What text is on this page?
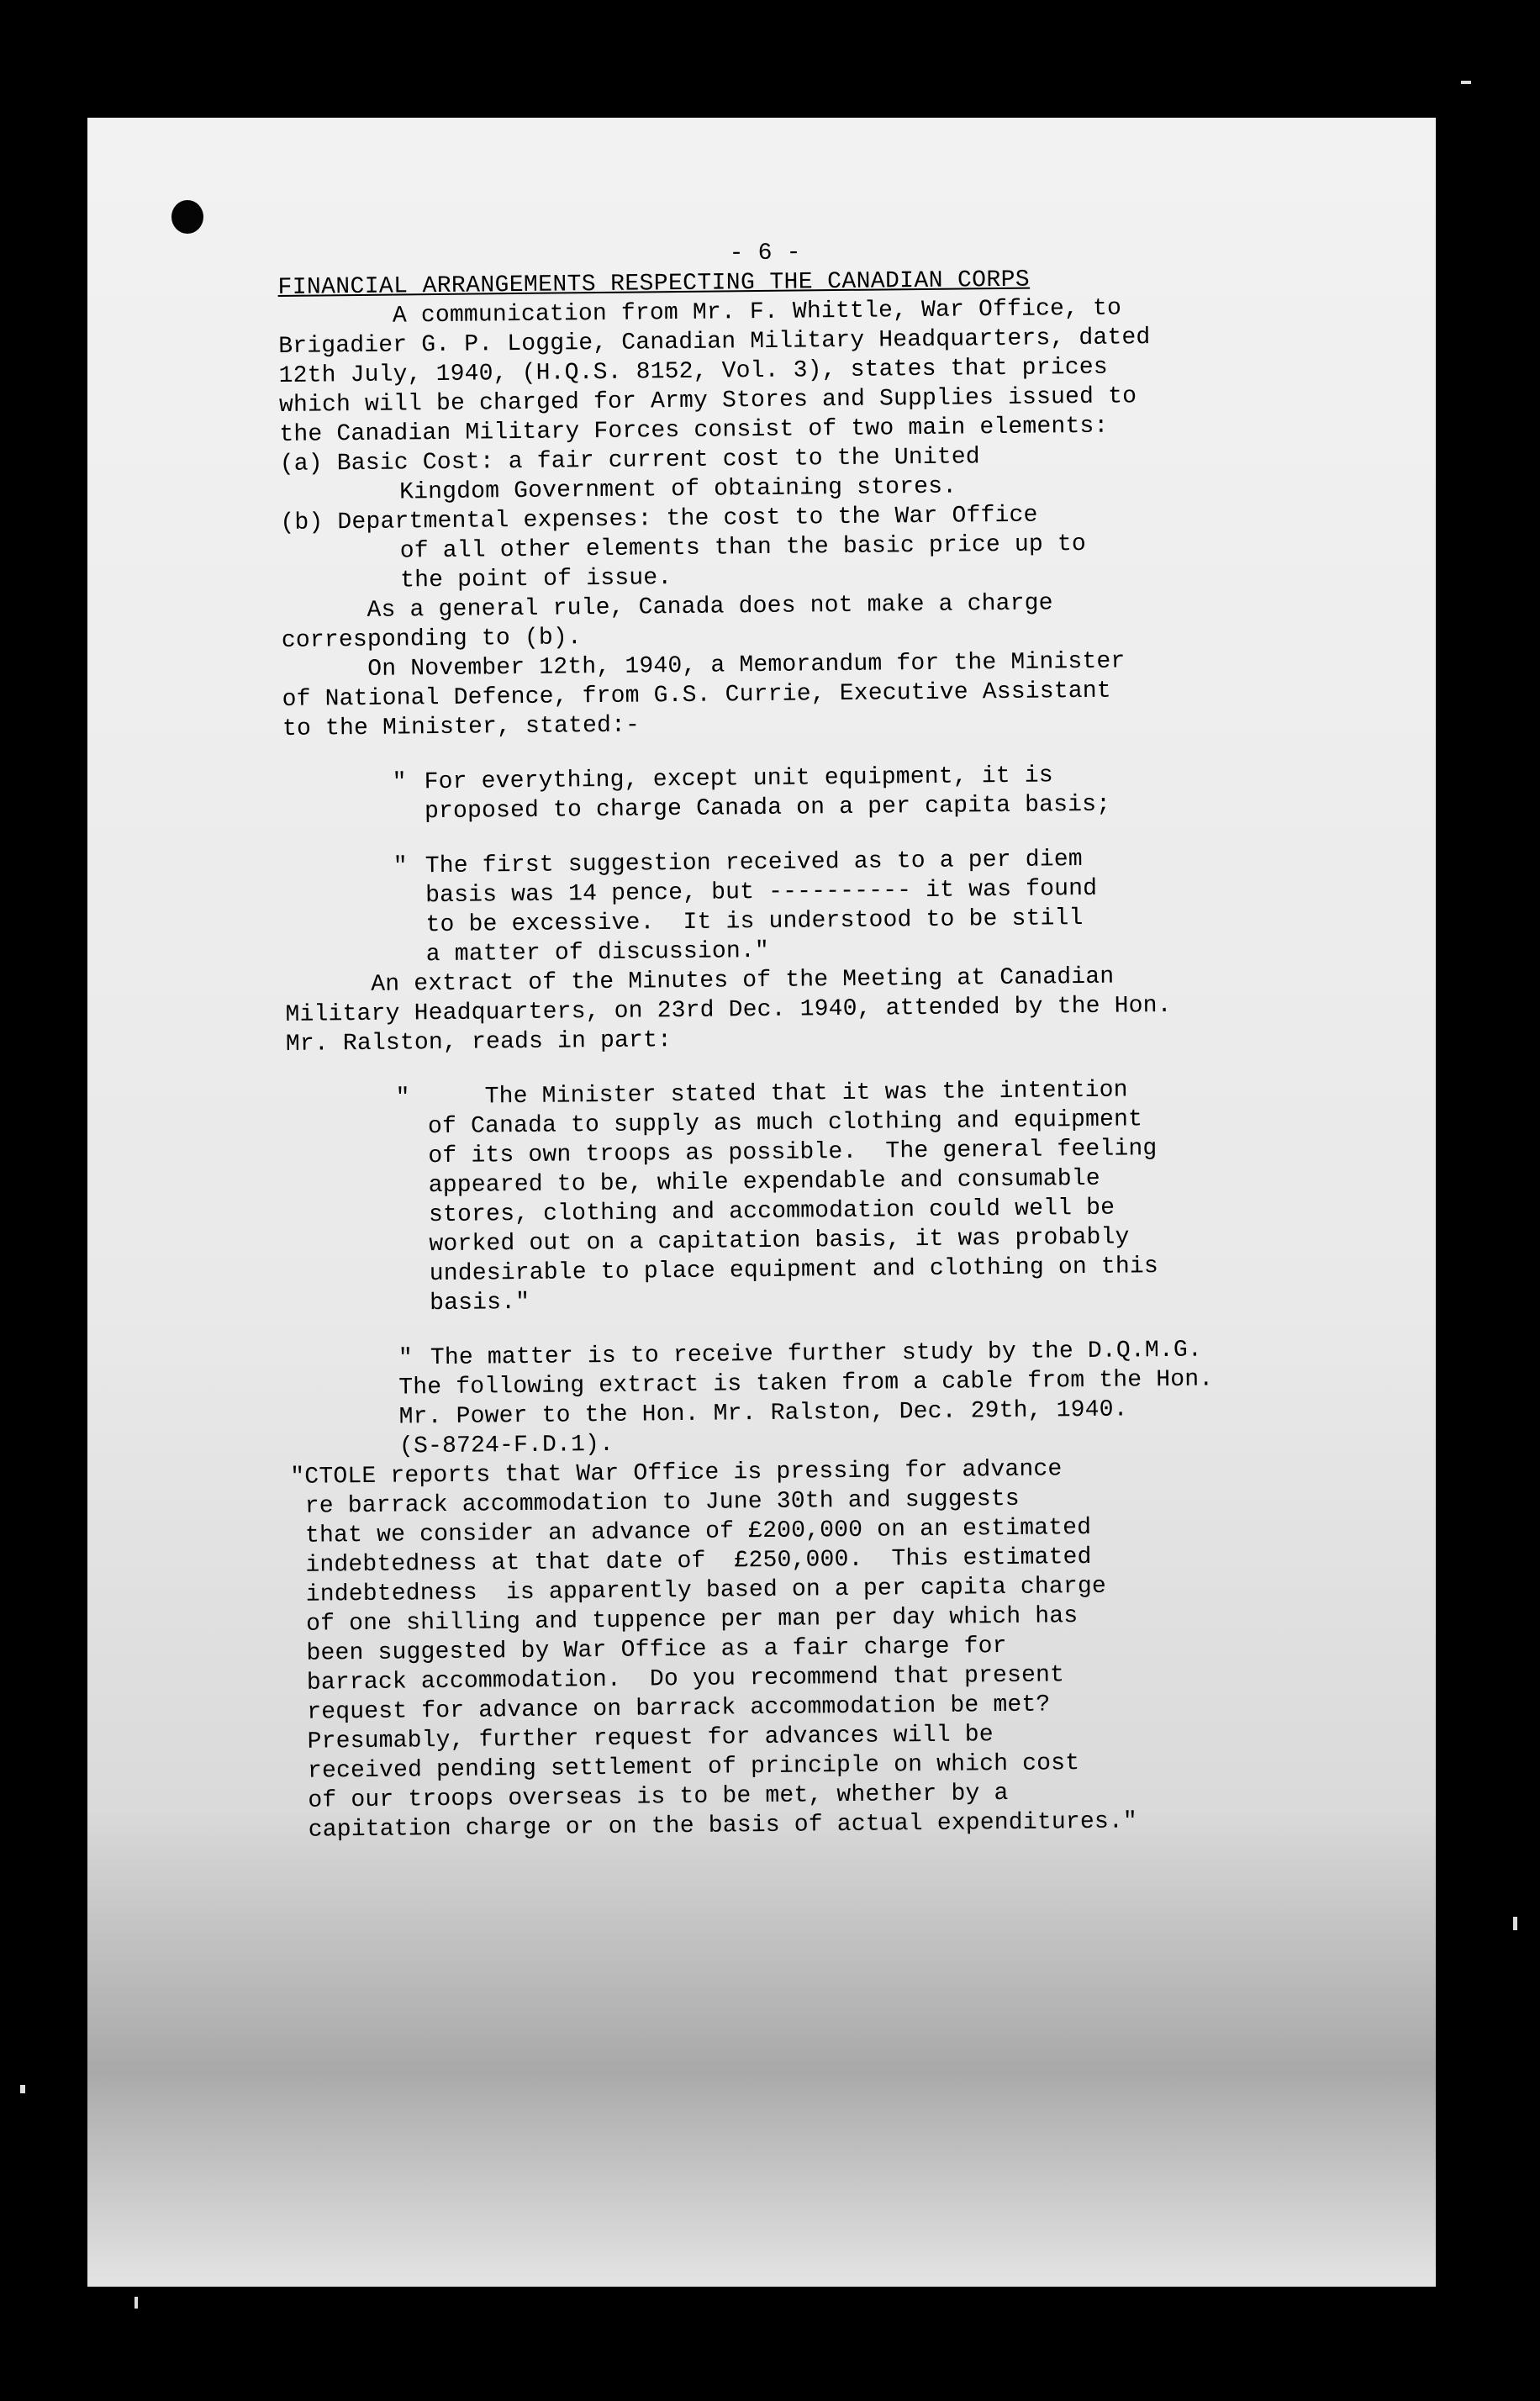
- 6 -

FINANCIAL ARRANGEMENTS RESPECTING THE CANADIAN CORPS

A communication from Mr. F. Whittle, War Office, to
Brigadier G. P. Loggie, Canadian Military Headquarters, dated
12th July, 1940, (H.Q.S. 8152, Vol. 3), states that prices
which will be charged for Army Stores and Supplies issued to
the Canadian Military Forces consist of two main elements:

(a) Basic Cost: a fair current cost to the United
Kingdom Government of obtaining stores.

(b) Departmental expenses: the cost to the War Office
of all other elements than the basic price up to
the point of issue.

As a general rule, Canada does not make a charge
corresponding to (b).

On November 12th, 1940, a Memorandum for the Minister
of National Defence, from G.S. Currie, Executive Assistant
to the Minister, stated:-

" For everything, except unit equipment, it is
proposed to charge Canada on a per capita basis;

" The first suggestion received as to a per diem
basis was 14 pence, but ---------- it was found
to be excessive.  It is understood to be still
a matter of discussion."

An extract of the Minutes of the Meeting at Canadian
Military Headquarters, on 23rd Dec. 1940, attended by the Hon.
Mr. Ralston, reads in part:

" The Minister stated that it was the intention
of Canada to supply as much clothing and equipment
of its own troops as possible.  The general feeling
appeared to be, while expendable and consumable
stores, clothing and accommodation could well be
worked out on a capitation basis, it was probably
undesirable to place equipment and clothing on this
basis."

" The matter is to receive further study by the D.Q.M.G.

The following extract is taken from a cable from the Hon.
Mr. Power to the Hon. Mr. Ralston, Dec. 29th, 1940.
(S-8724-F.D.1).

"CTOLE reports that War Office is pressing for advance
re barrack accommodation to June 30th and suggests
that we consider an advance of £200,000 on an estimated
indebtedness at that date of  £250,000.  This estimated
indebtedness  is apparently based on a per capita charge
of one shilling and tuppence per man per day which has
been suggested by War Office as a fair charge for
barrack accommodation.  Do you recommend that present
request for advance on barrack accommodation be met?
Presumably, further request for advances will be
received pending settlement of principle on which cost
of our troops overseas is to be met, whether by a
capitation charge or on the basis of actual expenditures."
